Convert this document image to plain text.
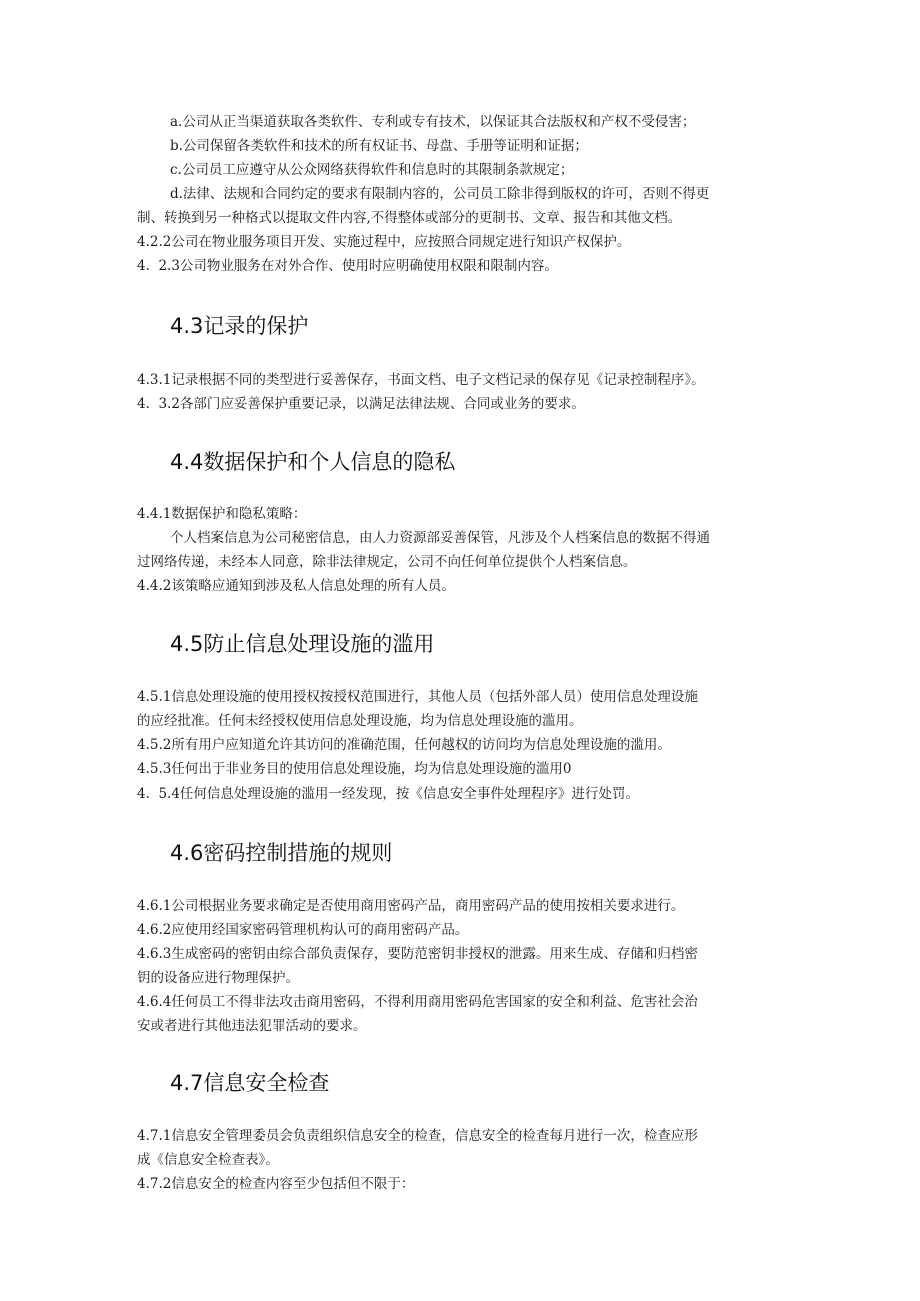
a.公司从正当渠道获取各类软件、专利或专有技术，以保证其合法版权和产权不受侵害；
b.公司保留各类软件和技术的所有权证书、母盘、手册等证明和证据；
c.公司员工应遵守从公众网络获得软件和信息时的其限制条款规定；
d.法律、法规和合同约定的要求有限制内容的，公司员工除非得到版权的许可，否则不得更
制、转换到另一种格式以提取文件内容,不得整体或部分的更制书、文章、报告和其他文档。
4.2.2公司在物业服务项目开发、实施过程中，应按照合同规定进行知识产权保护。
4.  2.3公司物业服务在对外合作、使用时应明确使用权限和限制内容。
4.3记录的保护
4.3.1记录根据不同的类型进行妥善保存，书面文档、电子文档记录的保存见《记录控制程序》。
4.  3.2各部门应妥善保护重要记录，以满足法律法规、合同或业务的要求。
4.4数据保护和个人信息的隐私
4.4.1数据保护和隐私策略：
个人档案信息为公司秘密信息，由人力资源部妥善保管，凡涉及个人档案信息的数据不得通
过网络传递，未经本人同意，除非法律规定，公司不向任何单位提供个人档案信息。
4.4.2该策略应通知到涉及私人信息处理的所有人员。
4.5防止信息处理设施的滥用
4.5.1信息处理设施的使用授权按授权范围进行，其他人员（包括外部人员）使用信息处理设施
的应经批准。任何未经授权使用信息处理设施，均为信息处理设施的滥用。
4.5.2所有用户应知道允许其访问的准确范围，任何越权的访问均为信息处理设施的滥用。
4.5.3任何出于非业务目的使用信息处理设施，均为信息处理设施的滥用0
4.  5.4任何信息处理设施的滥用一经发现，按《信息安全事件处理程序》进行处罚。
4.6密码控制措施的规则
4.6.1公司根据业务要求确定是否使用商用密码产品，商用密码产品的使用按相关要求进行。
4.6.2应使用经国家密码管理机构认可的商用密码产品。
4.6.3生成密码的密钥由综合部负责保存，要防范密钥非授权的泄露。用来生成、存储和归档密
钥的设备应进行物理保护。
4.6.4任何员工不得非法攻击商用密码，不得利用商用密码危害国家的安全和利益、危害社会治
安或者进行其他违法犯罪活动的要求。
4.7信息安全检查
4.7.1信息安全管理委员会负责组织信息安全的检查，信息安全的检查每月进行一次，检查应形
成《信息安全检查表》。
4.7.2信息安全的检查内容至少包括但不限于：
